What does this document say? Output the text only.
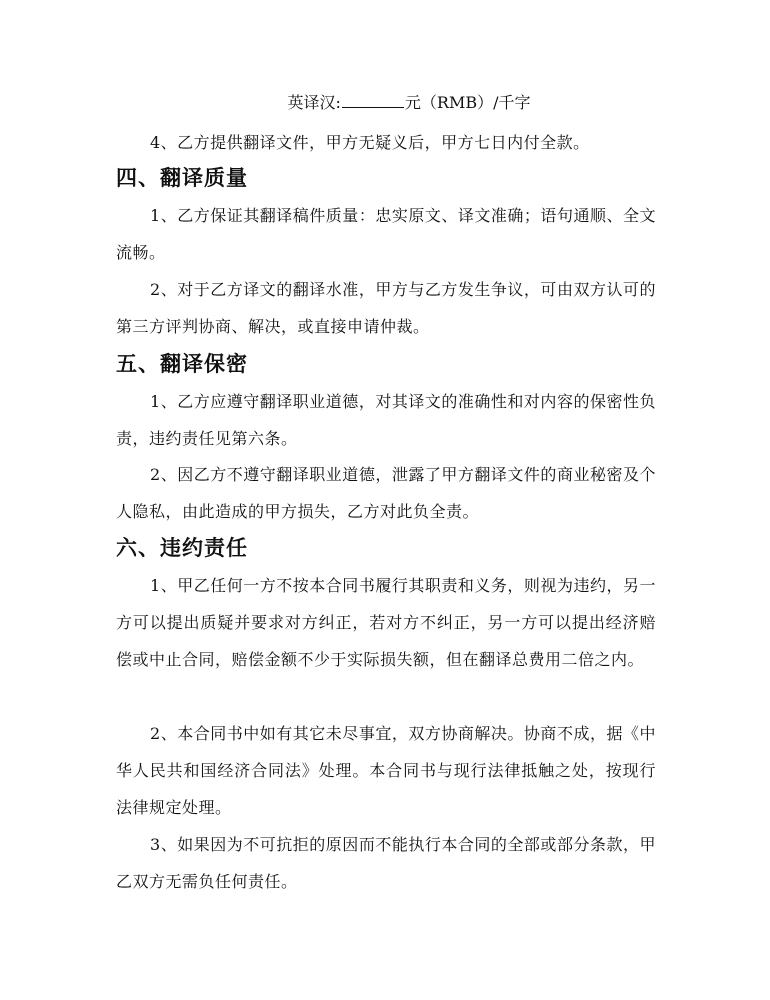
英译汉:	元（RMB）/千字

4、乙方提供翻译文件，甲方无疑义后，甲方七日内付全款。

四、翻译质量

1、乙方保证其翻译稿件质量：忠实原文、译文准确；语句通顺、全文流畅。

2、对于乙方译文的翻译水准，甲方与乙方发生争议，可由双方认可的第三方评判协商、解决，或直接申请仲裁。

五、翻译保密

1、乙方应遵守翻译职业道德，对其译文的准确性和对内容的保密性负责，违约责任见第六条。

2、因乙方不遵守翻译职业道德，泄露了甲方翻译文件的商业秘密及个人隐私，由此造成的甲方损失，乙方对此负全责。

六、违约责任

1、甲乙任何一方不按本合同书履行其职责和义务，则视为违约，另一方可以提出质疑并要求对方纠正，若对方不纠正，另一方可以提出经济赔偿或中止合同，赔偿金额不少于实际损失额，但在翻译总费用二倍之内。

2、本合同书中如有其它未尽事宜，双方协商解决。协商不成，据《中华人民共和国经济合同法》处理。本合同书与现行法律抵触之处，按现行法律规定处理。

3、如果因为不可抗拒的原因而不能执行本合同的全部或部分条款，甲乙双方无需负任何责任。
